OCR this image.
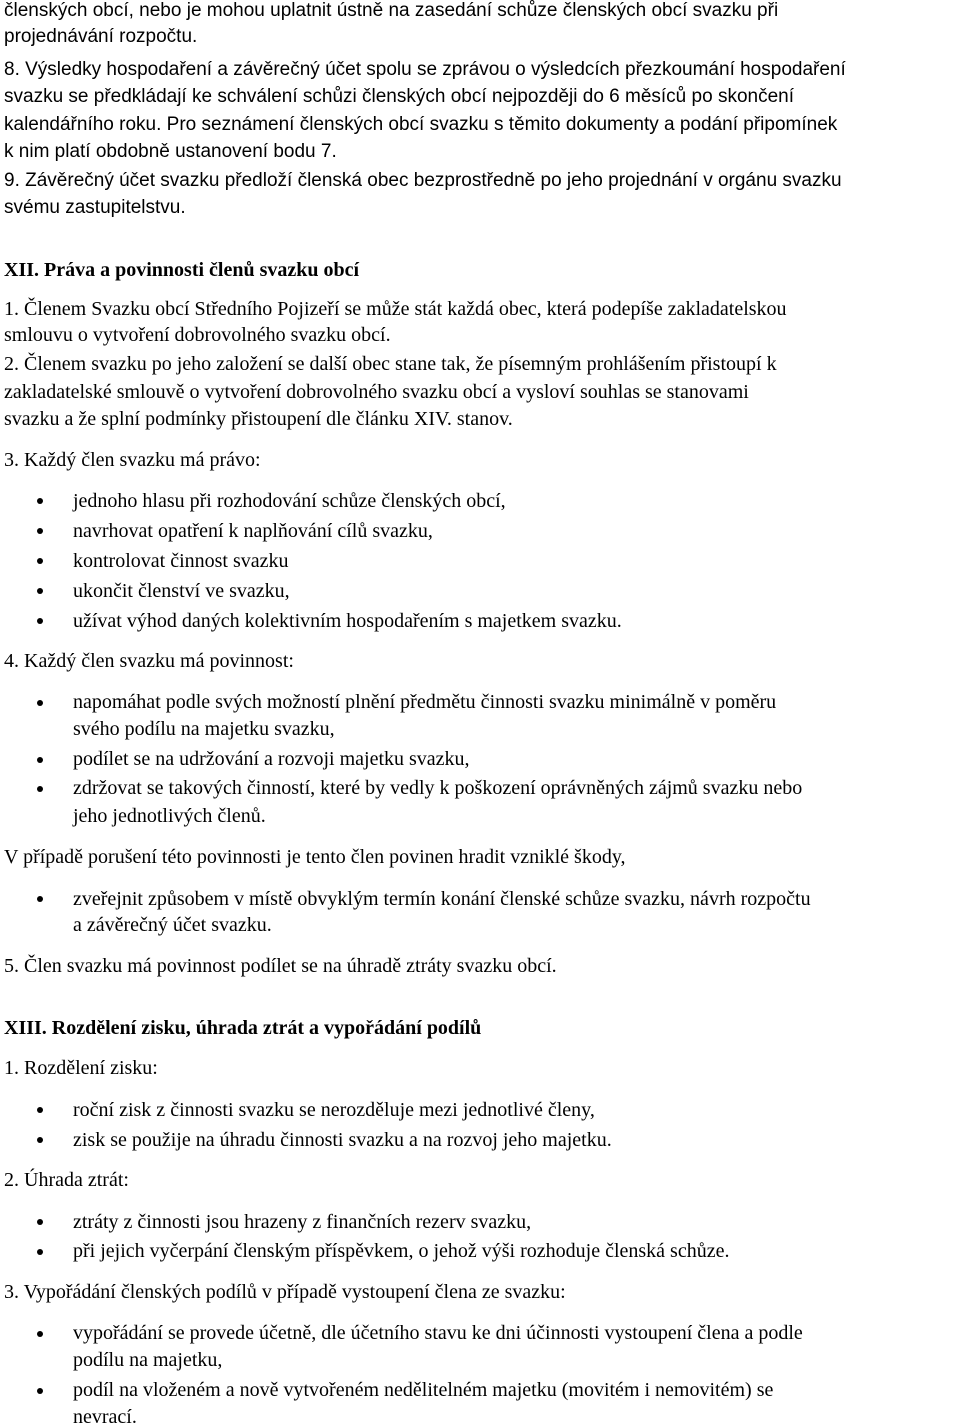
členských obcí, nebo je mohou uplatnit ústně na zasedání schůze členských obcí svazku při
projednávání rozpočtu.
8. Výsledky hospodaření a závěrečný účet spolu se zprávou o výsledcích přezkoumání hospodaření
svazku se předkládají ke schválení schůzi členských obcí nejpozději do 6 měsíců po skončení
kalendářního roku. Pro seznámení členských obcí svazku s těmito dokumenty a podání připomínek
k nim platí obdobně ustanovení bodu 7.
9. Závěrečný účet svazku předloží členská obec bezprostředně po jeho projednání v orgánu svazku
svému zastupitelstvu.
XII. Práva a povinnosti členů svazku obcí
1. Členem Svazku obcí Středního Pojizeří se může stát každá obec, která podepíše zakladatelskou
smlouvu o vytvoření dobrovolného svazku obcí.
2. Členem svazku po jeho založení se další obec stane tak, že písemným prohlášením přistoupí k
zakladatelské smlouvě o vytvoření dobrovolného svazku obcí a vysloví souhlas se stanovami
svazku a že splní podmínky přistoupení dle článku XIV. stanov.
3. Každý člen svazku má právo:
jednoho hlasu při rozhodování schůze členských obcí,
navrhovat opatření k naplňování cílů svazku,
kontrolovat činnost svazku
ukončit členství ve svazku,
užívat výhod daných kolektivním hospodařením s majetkem svazku.
4. Každý člen svazku má povinnost:
napomáhat podle svých možností plnění předmětu činnosti svazku minimálně v poměru
svého podílu na majetku svazku,
podílet se na udržování a rozvoji majetku svazku,
zdržovat se takových činností, které by vedly k poškození oprávněných zájmů svazku nebo
jeho jednotlivých členů.
V případě porušení této povinnosti je tento člen povinen hradit vzniklé škody,
zveřejnit způsobem v místě obvyklým termín konání členské schůze svazku, návrh rozpočtu
a závěrečný účet svazku.
5. Člen svazku má povinnost podílet se na úhradě ztráty svazku obcí.
XIII. Rozdělení zisku, úhrada ztrát a vypořádání podílů
1. Rozdělení zisku:
roční zisk z činnosti svazku se nerozděluje mezi jednotlivé členy,
zisk se použije na úhradu činnosti svazku a na rozvoj jeho majetku.
2. Úhrada ztrát:
ztráty z činnosti jsou hrazeny z finančních rezerv svazku,
při jejich vyčerpání členským příspěvkem, o jehož výši rozhoduje členská schůze.
3. Vypořádání členských podílů v případě vystoupení člena ze svazku:
vypořádání se provede účetně, dle účetního stavu ke dni účinnosti vystoupení člena a podle
podílu na majetku,
podíl na vloženém a nově vytvořeném nedělitelném majetku (movitém i nemovitém) se
nevrací.
